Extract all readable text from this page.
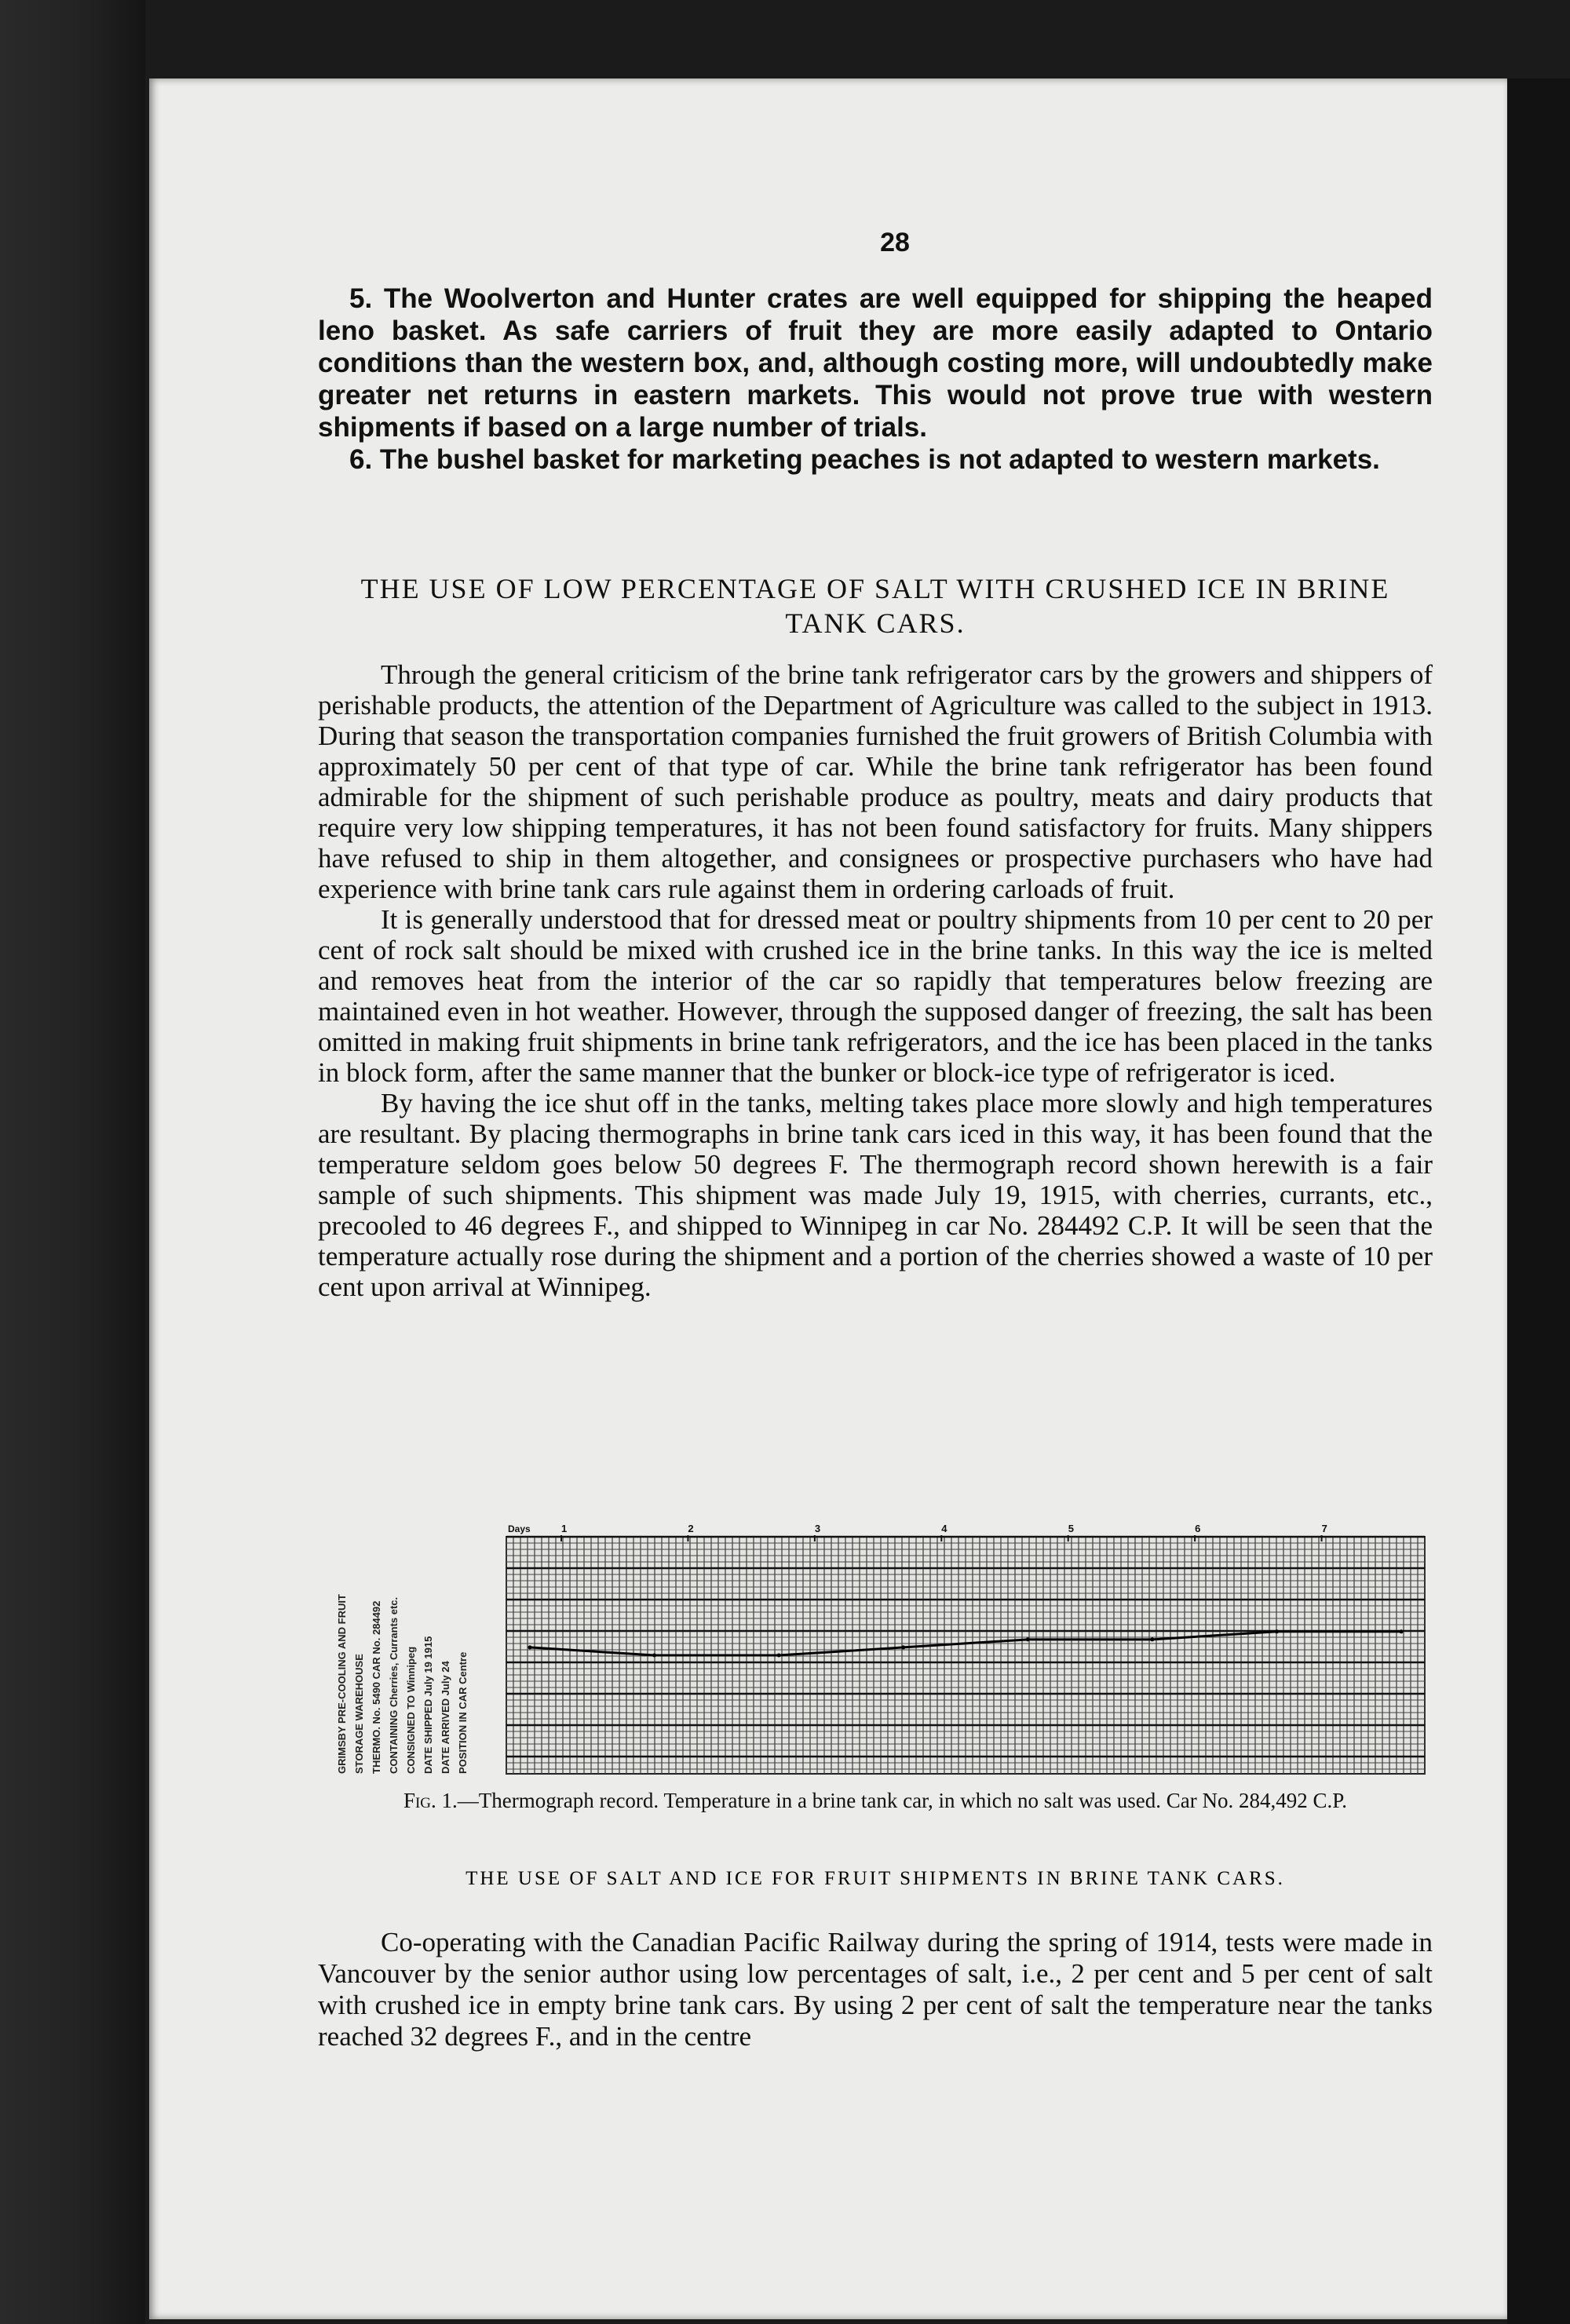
28

5. The Woolverton and Hunter crates are well equipped for shipping the heaped leno basket. As safe carriers of fruit they are more easily adapted to Ontario conditions than the western box, and, although costing more, will undoubtedly make greater net returns in eastern markets. This would not prove true with western shipments if based on a large number of trials.

6. The bushel basket for marketing peaches is not adapted to western markets.

THE USE OF LOW PERCENTAGE OF SALT WITH CRUSHED ICE IN BRINE TANK CARS.

Through the general criticism of the brine tank refrigerator cars by the growers and shippers of perishable products, the attention of the Department of Agriculture was called to the subject in 1913. During that season the transportation companies furnished the fruit growers of British Columbia with approximately 50 per cent of that type of car. While the brine tank refrigerator has been found admirable for the shipment of such perishable produce as poultry, meats and dairy products that require very low shipping temperatures, it has not been found satisfactory for fruits. Many shippers have refused to ship in them altogether, and consignees or prospective purchasers who have had experience with brine tank cars rule against them in ordering carloads of fruit.

It is generally understood that for dressed meat or poultry shipments from 10 per cent to 20 per cent of rock salt should be mixed with crushed ice in the brine tanks. In this way the ice is melted and removes heat from the interior of the car so rapidly that temperatures below freezing are maintained even in hot weather. However, through the supposed danger of freezing, the salt has been omitted in making fruit shipments in brine tank refrigerators, and the ice has been placed in the tanks in block form, after the same manner that the bunker or block-ice type of refrigerator is iced.

By having the ice shut off in the tanks, melting takes place more slowly and high temperatures are resultant. By placing thermographs in brine tank cars iced in this way, it has been found that the temperature seldom goes below 50 degrees F. The thermograph record shown herewith is a fair sample of such shipments. This shipment was made July 19, 1915, with cherries, currants, etc., precooled to 46 degrees F., and shipped to Winnipeg in car No. 284492 C.P. It will be seen that the temperature actually rose during the shipment and a portion of the cherries showed a waste of 10 per cent upon arrival at Winnipeg.

GRIMSBY PRE-COOLING AND FRUIT STORAGE WAREHOUSE THERMO. No. 5490 CAR No. 284492 CONTAINING Cherries, Currants etc. CONSIGNED TO Winnipeg DATE SHIPPED July 19 1915 DATE ARRIVED July 24 POSITION IN CAR Centre
Days	1	2	3	4	5	6	7
Fig. 1.—Thermograph record. Temperature in a brine tank car, in which no salt was used. Car No. 284,492 C.P.
THE USE OF SALT AND ICE FOR FRUIT SHIPMENTS IN BRINE TANK CARS.

Co-operating with the Canadian Pacific Railway during the spring of 1914, tests were made in Vancouver by the senior author using low percentages of salt, i.e., 2 per cent and 5 per cent of salt with crushed ice in empty brine tank cars. By using 2 per cent of salt the temperature near the tanks reached 32 degrees F., and in the centre
